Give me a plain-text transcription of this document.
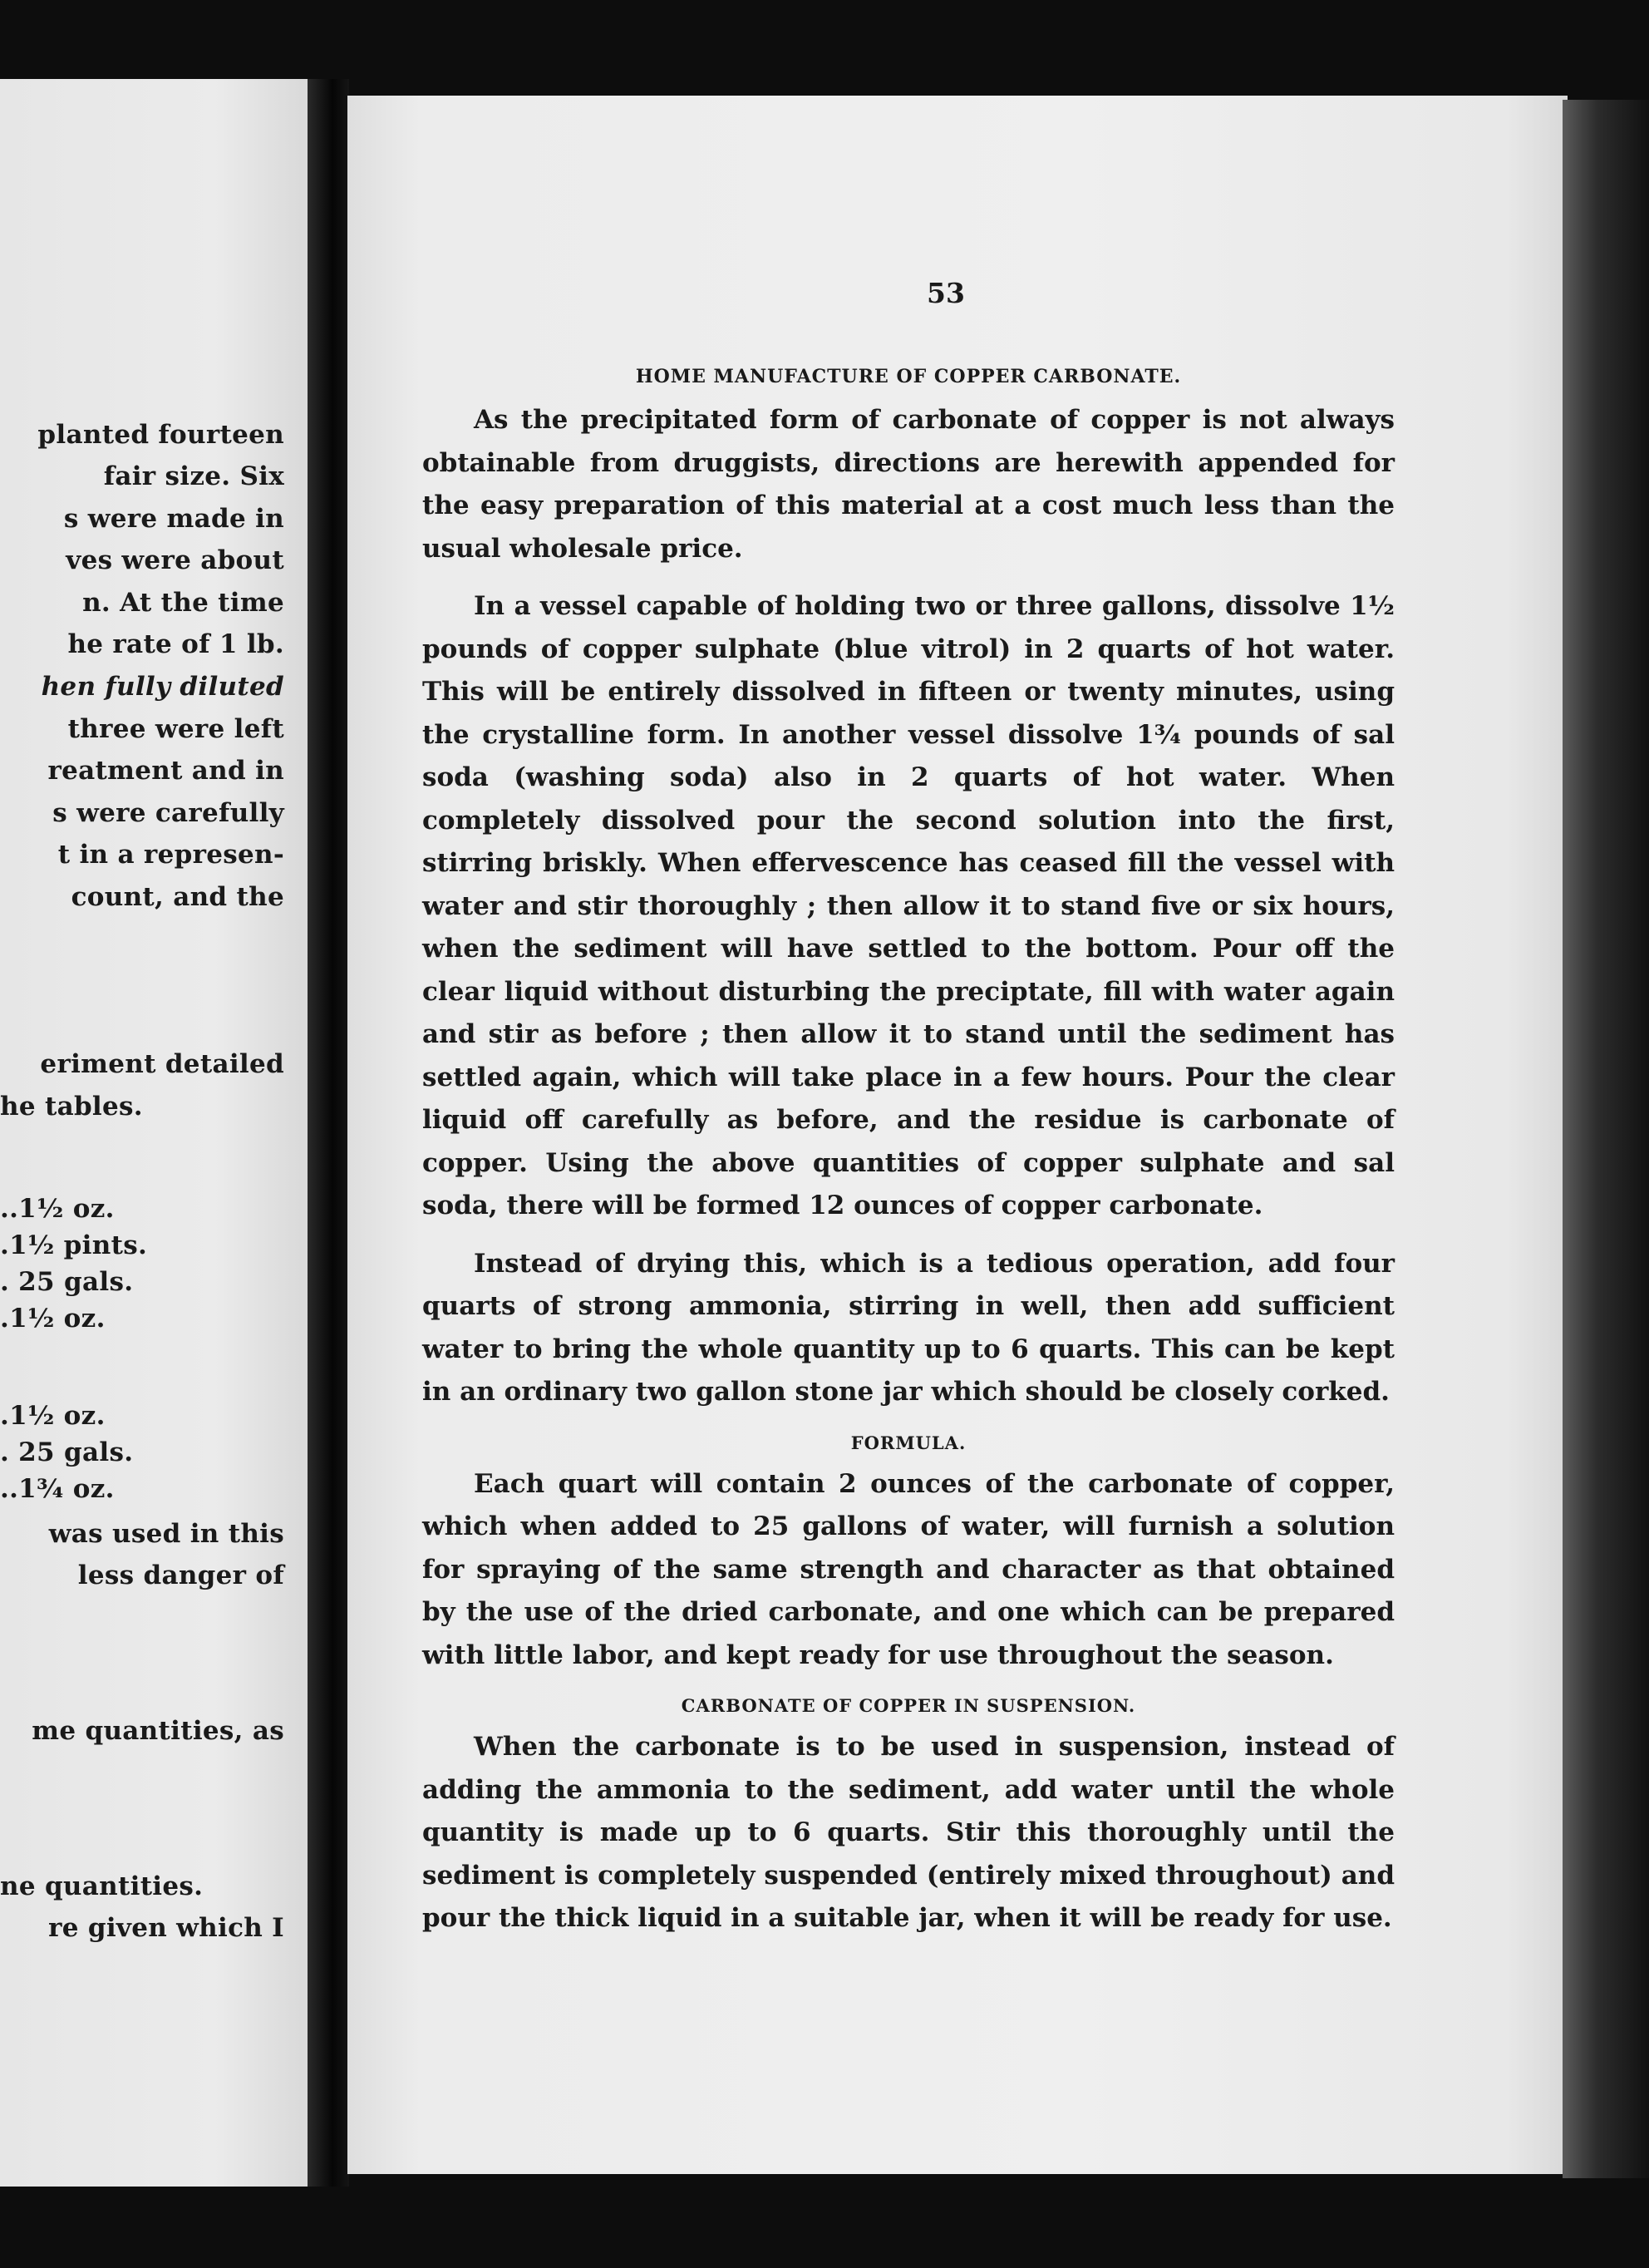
planted fourteen
fair size. Six
s were made in
ves were about
n. At the time
he rate of 1 lb.
hen fully diluted
three were left
reatment and in
s were carefully
t in a represen-
count, and the
eriment detailed
he tables.
..1½ oz.
.1½ pints.
. 25 gals.
.1½ oz.
.1½ oz.
. 25 gals.
..1¾ oz.
was used in this
less danger of
me quantities, as
ne quantities.
re given which I
53
HOME MANUFACTURE OF COPPER CARBONATE.

As the precipitated form of carbonate of copper is not always obtainable from druggists, directions are herewith appended for the easy preparation of this material at a cost much less than the usual wholesale price.

In a vessel capable of holding two or three gallons, dissolve 1½ pounds of copper sulphate (blue vitrol) in 2 quarts of hot water. This will be entirely dissolved in fifteen or twenty minutes, using the crystalline form. In another vessel dissolve 1¾ pounds of sal soda (washing soda) also in 2 quarts of hot water. When completely dissolved pour the second solution into the first, stirring briskly. When effervescence has ceased fill the vessel with water and stir thoroughly ; then allow it to stand five or six hours, when the sediment will have settled to the bottom. Pour off the clear liquid without disturbing the preciptate, fill with water again and stir as before ; then allow it to stand until the sediment has settled again, which will take place in a few hours. Pour the clear liquid off carefully as before, and the residue is carbonate of copper. Using the above quantities of copper sulphate and sal soda, there will be formed 12 ounces of copper carbonate.

Instead of drying this, which is a tedious operation, add four quarts of strong ammonia, stirring in well, then add sufficient water to bring the whole quantity up to 6 quarts. This can be kept in an ordinary two gallon stone jar which should be closely corked.

FORMULA.

Each quart will contain 2 ounces of the carbonate of copper, which when added to 25 gallons of water, will furnish a solution for spraying of the same strength and character as that obtained by the use of the dried carbonate, and one which can be prepared with little labor, and kept ready for use throughout the season.

CARBONATE OF COPPER IN SUSPENSION.

When the carbonate is to be used in suspension, instead of adding the ammonia to the sediment, add water until the whole quantity is made up to 6 quarts. Stir this thoroughly until the sediment is completely suspended (entirely mixed throughout) and pour the thick liquid in a suitable jar, when it will be ready for use.
